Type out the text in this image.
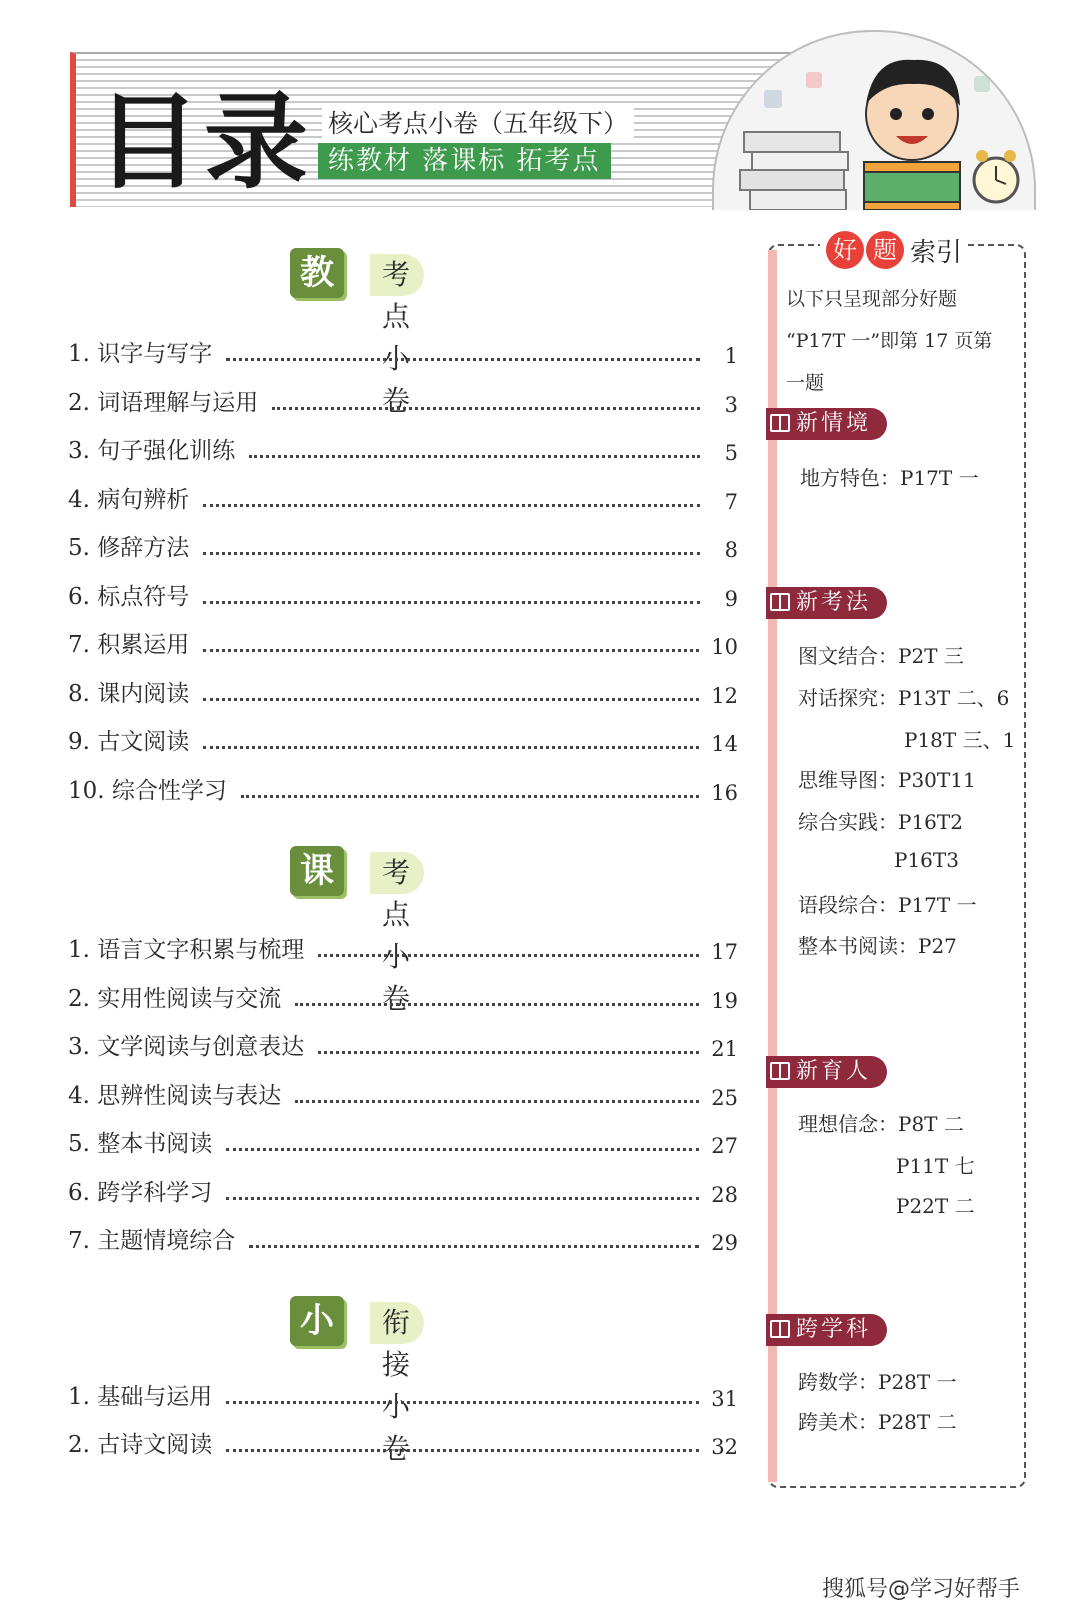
目录 核心考点小卷（五年级下）
练教材 落课标 拓考点
教材
考点小卷
1. 识字与写字	1
2. 词语理解与运用	3
3. 句子强化训练	5
4. 病句辨析	7
5. 修辞方法	8
6. 标点符号	9
7. 积累运用	10
8. 课内阅读	12
9. 古文阅读	14
10. 综合性学习	16
课标
考点小卷
1. 语言文字积累与梳理	17
2. 实用性阅读与交流	19
3. 文学阅读与创意表达	21
4. 思辨性阅读与表达	25
5. 整本书阅读	27
6. 跨学科学习	28
7. 主题情境综合	29
小初
衔接小卷
1. 基础与运用	31
2. 古诗文阅读	32
好 题 索引
以下只呈现部分好题
“P17T 一”即第 17 页第
一题
新情境
地方特色：P17T 一
新考法
图文结合：P2T 三
对话探究：P13T 二、6
P18T 三、1
思维导图：P30T11
综合实践：P16T2
P16T3
语段综合：P17T 一
整本书阅读：P27
新育人
理想信念：P8T 二
P11T 七
P22T 二
跨学科
跨数学：P28T 一
跨美术：P28T 二
搜狐号@学习好帮手
